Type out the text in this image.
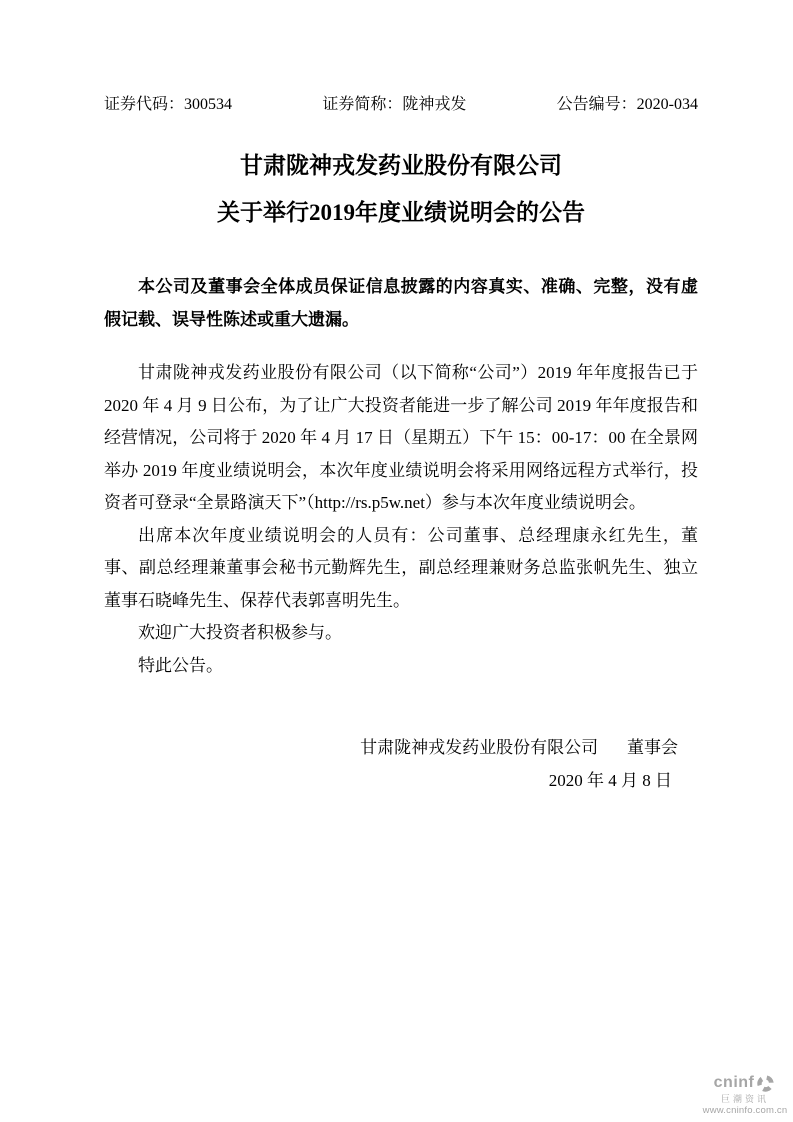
证券代码：300534	证券简称：陇神戎发	公告编号：2020-034
甘肃陇神戎发药业股份有限公司
关于举行2019年度业绩说明会的公告

本公司及董事会全体成员保证信息披露的内容真实、准确、完整，没有虚假记载、误导性陈述或重大遗漏。

甘肃陇神戎发药业股份有限公司（以下简称“公司”）2019 年年度报告已于 2020 年 4 月 9 日公布，为了让广大投资者能进一步了解公司 2019 年年度报告和经营情况，公司将于 2020 年 4 月 17 日（星期五）下午 15：00-17：00 在全景网举办 2019 年度业绩说明会，本次年度业绩说明会将采用网络远程方式举行，投资者可登录“全景路演天下”（http://rs.p5w.net）参与本次年度业绩说明会。

出席本次年度业绩说明会的人员有：公司董事、总经理康永红先生，董事、副总经理兼董事会秘书元勤辉先生，副总经理兼财务总监张帆先生、独立董事石晓峰先生、保荐代表郭喜明先生。

欢迎广大投资者积极参与。

特此公告。

甘肃陇神戎发药业股份有限公司 董事会
2020 年 4 月 8 日
cninf
巨潮资讯
www.cninfo.com.cn
